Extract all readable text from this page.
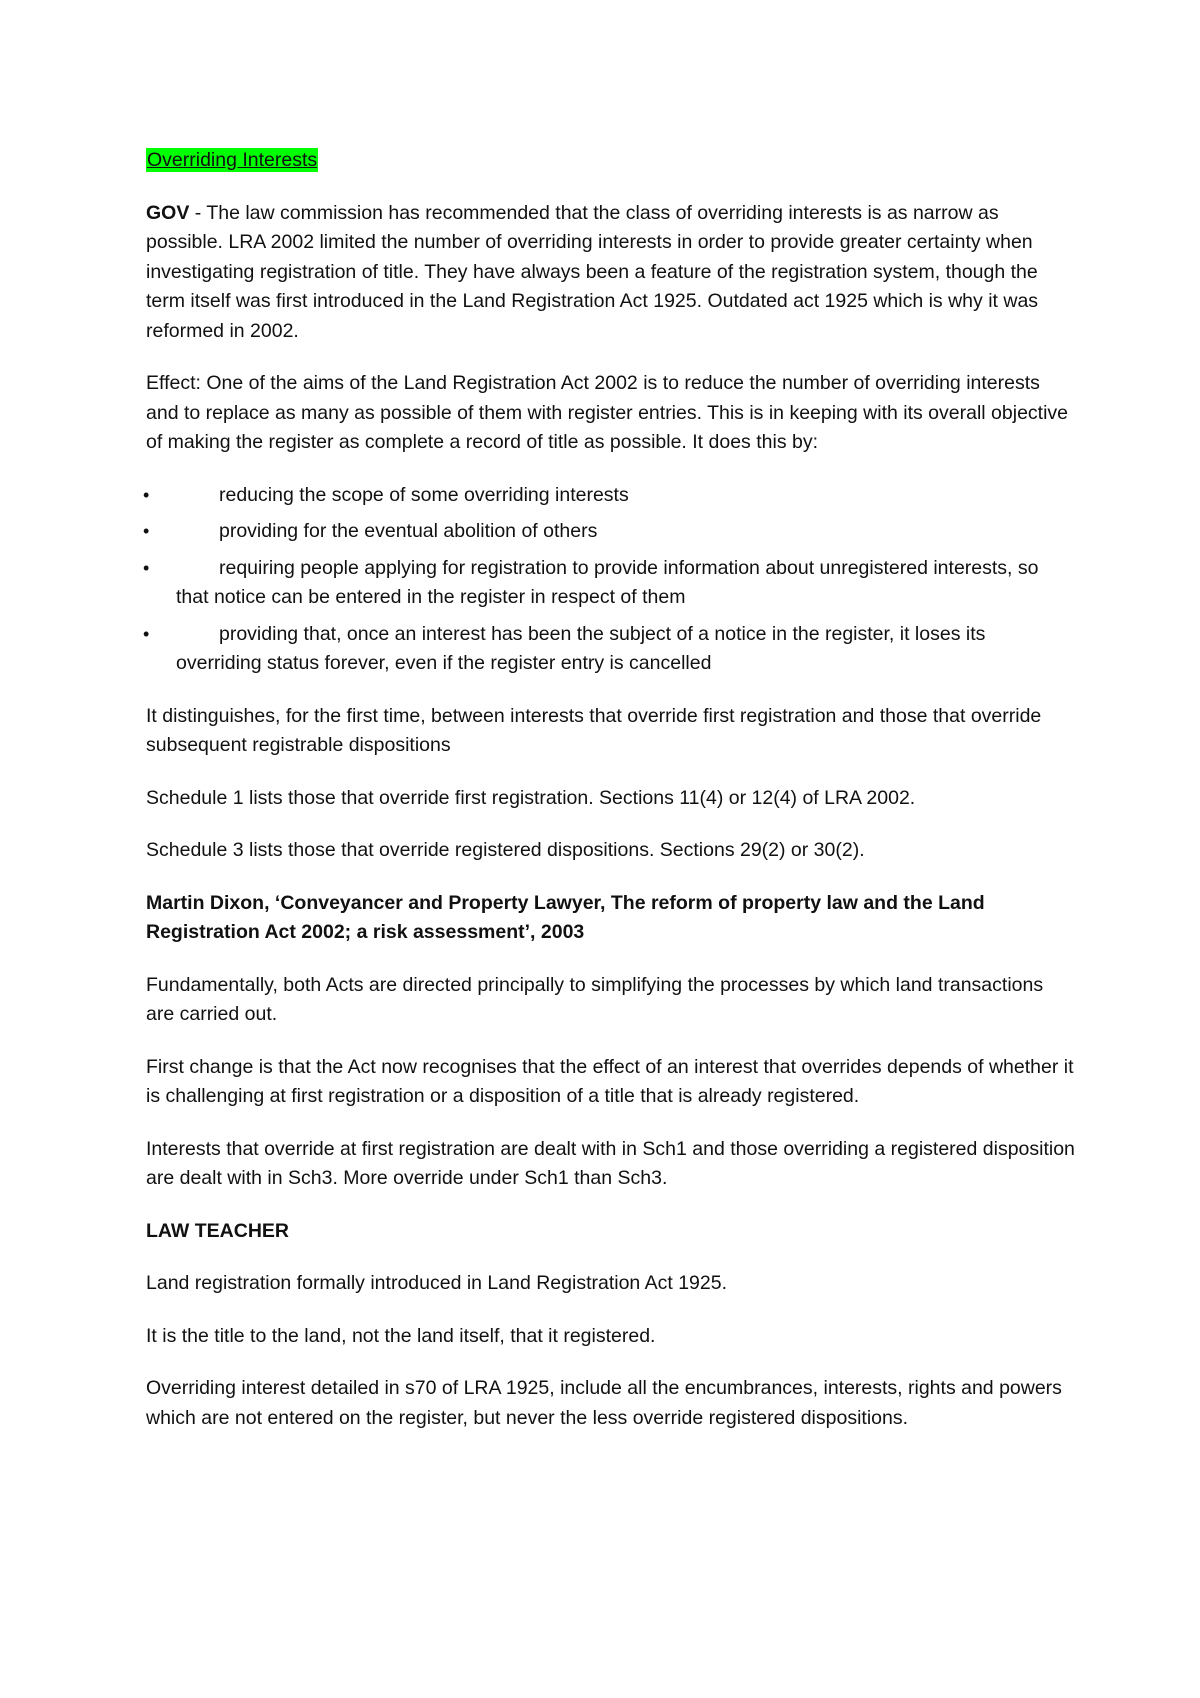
Overriding Interests

GOV - The law commission has recommended that the class of overriding interests is as narrow as possible. LRA 2002 limited the number of overriding interests in order to provide greater certainty when investigating registration of title. They have always been a feature of the registration system, though the term itself was first introduced in the Land Registration Act 1925. Outdated act 1925 which is why it was reformed in 2002.

Effect: One of the aims of the Land Registration Act 2002 is to reduce the number of overriding interests and to replace as many as possible of them with register entries. This is in keeping with its overall objective of making the register as complete a record of title as possible. It does this by:

•	reducing the scope of some overriding interests
•	providing for the eventual abolition of others
•	requiring people applying for registration to provide information about unregistered interests, so that notice can be entered in the register in respect of them
•	providing that, once an interest has been the subject of a notice in the register, it loses its overriding status forever, even if the register entry is cancelled

It distinguishes, for the first time, between interests that override first registration and those that override subsequent registrable dispositions

Schedule 1 lists those that override first registration. Sections 11(4) or 12(4) of LRA 2002.

Schedule 3 lists those that override registered dispositions. Sections 29(2) or 30(2).

Martin Dixon, ‘Conveyancer and Property Lawyer, The reform of property law and the Land Registration Act 2002; a risk assessment’, 2003

Fundamentally, both Acts are directed principally to simplifying the processes by which land transactions are carried out.

First change is that the Act now recognises that the effect of an interest that overrides depends of whether it is challenging at first registration or a disposition of a title that is already registered.

Interests that override at first registration are dealt with in Sch1 and those overriding a registered disposition are dealt with in Sch3. More override under Sch1 than Sch3.

LAW TEACHER

Land registration formally introduced in Land Registration Act 1925.

It is the title to the land, not the land itself, that it registered.

Overriding interest detailed in s70 of LRA 1925, include all the encumbrances, interests, rights and powers which are not entered on the register, but never the less override registered dispositions.
